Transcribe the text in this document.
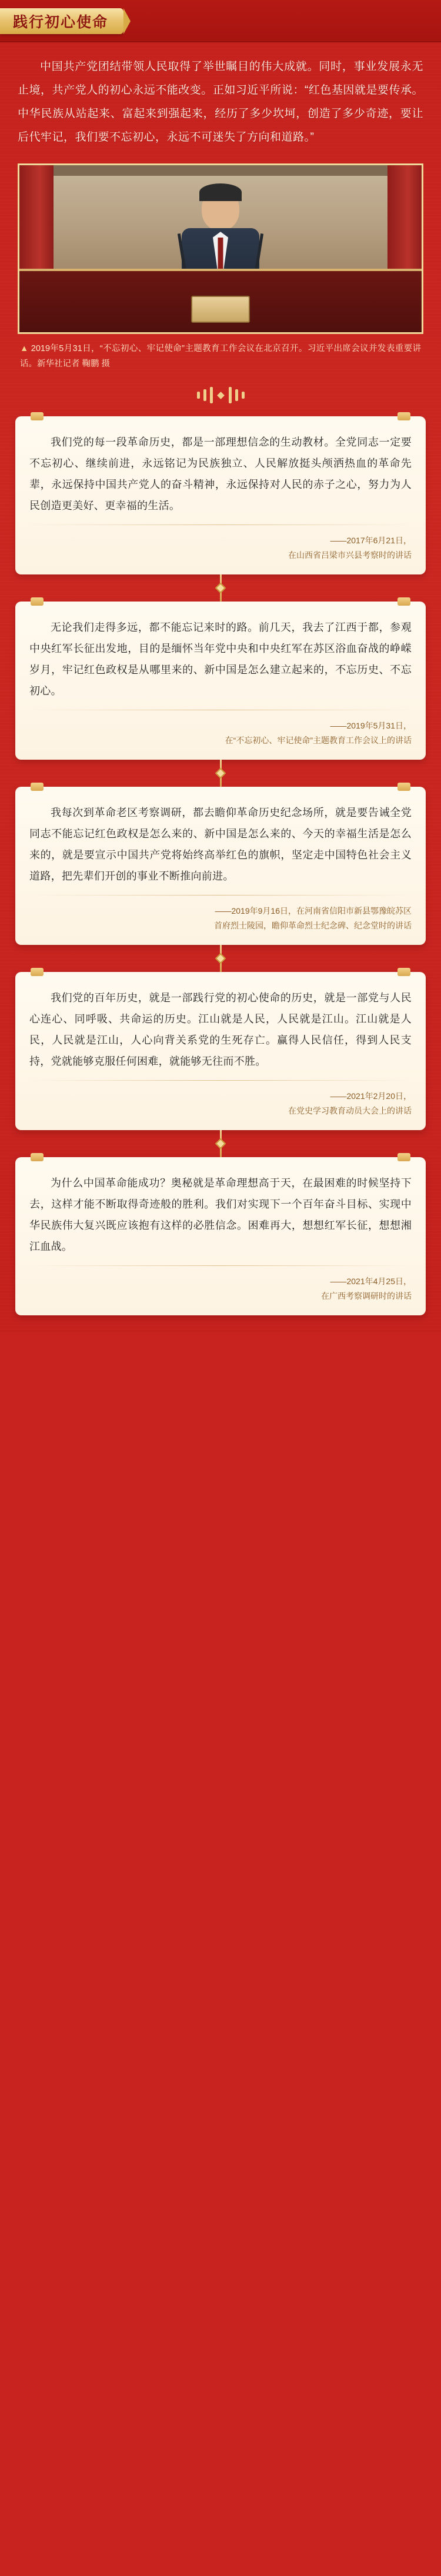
践行初心使命
中国共产党团结带领人民取得了举世瞩目的伟大成就。同时，事业发展永无止境，共产党人的初心永远不能改变。正如习近平所说：“红色基因就是要传承。中华民族从站起来、富起来到强起来，经历了多少坎坷，创造了多少奇迹，要让后代牢记，我们要不忘初心，永远不可迷失了方向和道路。”
▲ 2019年5月31日，“不忘初心、牢记使命”主题教育工作会议在北京召开。习近平出席会议并发表重要讲话。新华社记者 鞠鹏 摄
我们党的每一段革命历史，都是一部理想信念的生动教材。全党同志一定要不忘初心、继续前进，永远铭记为民族独立、人民解放挺头颅洒热血的革命先辈，永远保持中国共产党人的奋斗精神，永远保持对人民的赤子之心，努力为人民创造更美好、更幸福的生活。
——2017年6月21日，
在山西省吕梁市兴县考察时的讲话
无论我们走得多远，都不能忘记来时的路。前几天，我去了江西于都，参观中央红军长征出发地，目的是缅怀当年党中央和中央红军在苏区浴血奋战的峥嵘岁月，牢记红色政权是从哪里来的、新中国是怎么建立起来的，不忘历史、不忘初心。
——2019年5月31日，
在“不忘初心、牢记使命”主题教育工作会议上的讲话
我每次到革命老区考察调研，都去瞻仰革命历史纪念场所，就是要告诫全党同志不能忘记红色政权是怎么来的、新中国是怎么来的、今天的幸福生活是怎么来的，就是要宣示中国共产党将始终高举红色的旗帜，坚定走中国特色社会主义道路，把先辈们开创的事业不断推向前进。
——2019年9月16日，在河南省信阳市新县鄂豫皖苏区
首府烈士陵园，瞻仰革命烈士纪念碑、纪念堂时的讲话
我们党的百年历史，就是一部践行党的初心使命的历史，就是一部党与人民心连心、同呼吸、共命运的历史。江山就是人民，人民就是江山。江山就是人民，人民就是江山，人心向背关系党的生死存亡。赢得人民信任，得到人民支持，党就能够克服任何困难，就能够无往而不胜。
——2021年2月20日，
在党史学习教育动员大会上的讲话
为什么中国革命能成功？奥秘就是革命理想高于天，在最困难的时候坚持下去，这样才能不断取得奇迹般的胜利。我们对实现下一个百年奋斗目标、实现中华民族伟大复兴既应该抱有这样的必胜信念。困难再大，想想红军长征，想想湘江血战。
——2021年4月25日，
在广西考察调研时的讲话
